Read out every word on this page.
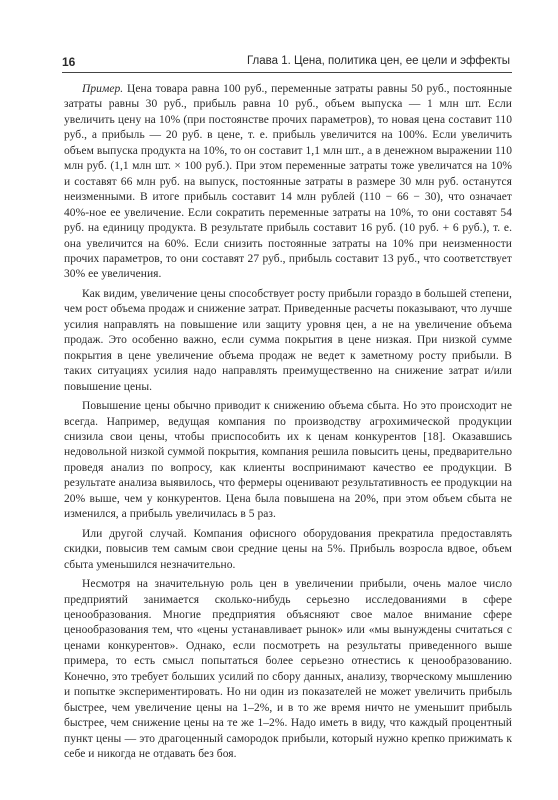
16	Глава 1. Цена, политика цен, ее цели и эффекты

Пример. Цена товара равна 100 руб., переменные затраты равны 50 руб., постоянные затраты равны 30 руб., прибыль равна 10 руб., объем выпуска — 1 млн шт. Если увеличить цену на 10% (при постоянстве прочих параметров), то новая цена составит 110 руб., а прибыль — 20 руб. в цене, т. е. прибыль увеличится на 100%. Если увеличить объем выпуска продукта на 10%, то он составит 1,1 млн шт., а в денежном выражении 110 млн руб. (1,1 млн шт. × 100 руб.). При этом переменные затраты тоже увеличатся на 10% и составят 66 млн руб. на выпуск, постоянные затраты в размере 30 млн руб. останутся неизменными. В итоге прибыль составит 14 млн рублей (110 − 66 − 30), что означает 40%-ное ее увеличение. Если сократить переменные затраты на 10%, то они составят 54 руб. на единицу продукта. В результате прибыль составит 16 руб. (10 руб. + 6 руб.), т. е. она увеличится на 60%. Если снизить постоянные затраты на 10% при неизменности прочих параметров, то они составят 27 руб., прибыль составит 13 руб., что соответствует 30% ее увеличения.

Как видим, увеличение цены способствует росту прибыли гораздо в большей степени, чем рост объема продаж и снижение затрат. Приведенные расчеты показывают, что лучше усилия направлять на повышение или защиту уровня цен, а не на увеличение объема продаж. Это особенно важно, если сумма покрытия в цене низкая. При низкой сумме покрытия в цене увеличение объема продаж не ведет к заметному росту прибыли. В таких ситуациях усилия надо направлять преимущественно на снижение затрат и/или повышение цены.

Повышение цены обычно приводит к снижению объема сбыта. Но это происходит не всегда. Например, ведущая компания по производству агрохимической продукции снизила свои цены, чтобы приспособить их к ценам конкурентов [18]. Оказавшись недовольной низкой суммой покрытия, компания решила повысить цены, предварительно проведя анализ по вопросу, как клиенты воспринимают качество ее продукции. В результате анализа выявилось, что фермеры оценивают результативность ее продукции на 20% выше, чем у конкурентов. Цена была повышена на 20%, при этом объем сбыта не изменился, а прибыль увеличилась в 5 раз.

Или другой случай. Компания офисного оборудования прекратила предоставлять скидки, повысив тем самым свои средние цены на 5%. Прибыль возросла вдвое, объем сбыта уменьшился незначительно.

Несмотря на значительную роль цен в увеличении прибыли, очень малое число предприятий занимается сколько-нибудь серьезно исследованиями в сфере ценообразования. Многие предприятия объясняют свое малое внимание сфере ценообразования тем, что «цены устанавливает рынок» или «мы вынуждены считаться с ценами конкурентов». Однако, если посмотреть на результаты приведенного выше примера, то есть смысл попытаться более серьезно отнестись к ценообразованию. Конечно, это требует больших усилий по сбору данных, анализу, творческому мышлению и попытке экспериментировать. Но ни один из показателей не может увеличить прибыль быстрее, чем увеличение цены на 1–2%, и в то же время ничто не уменьшит прибыль быстрее, чем снижение цены на те же 1–2%. Надо иметь в виду, что каждый процентный пункт цены — это драгоценный самородок прибыли, который нужно крепко прижимать к себе и никогда не отдавать без боя.
